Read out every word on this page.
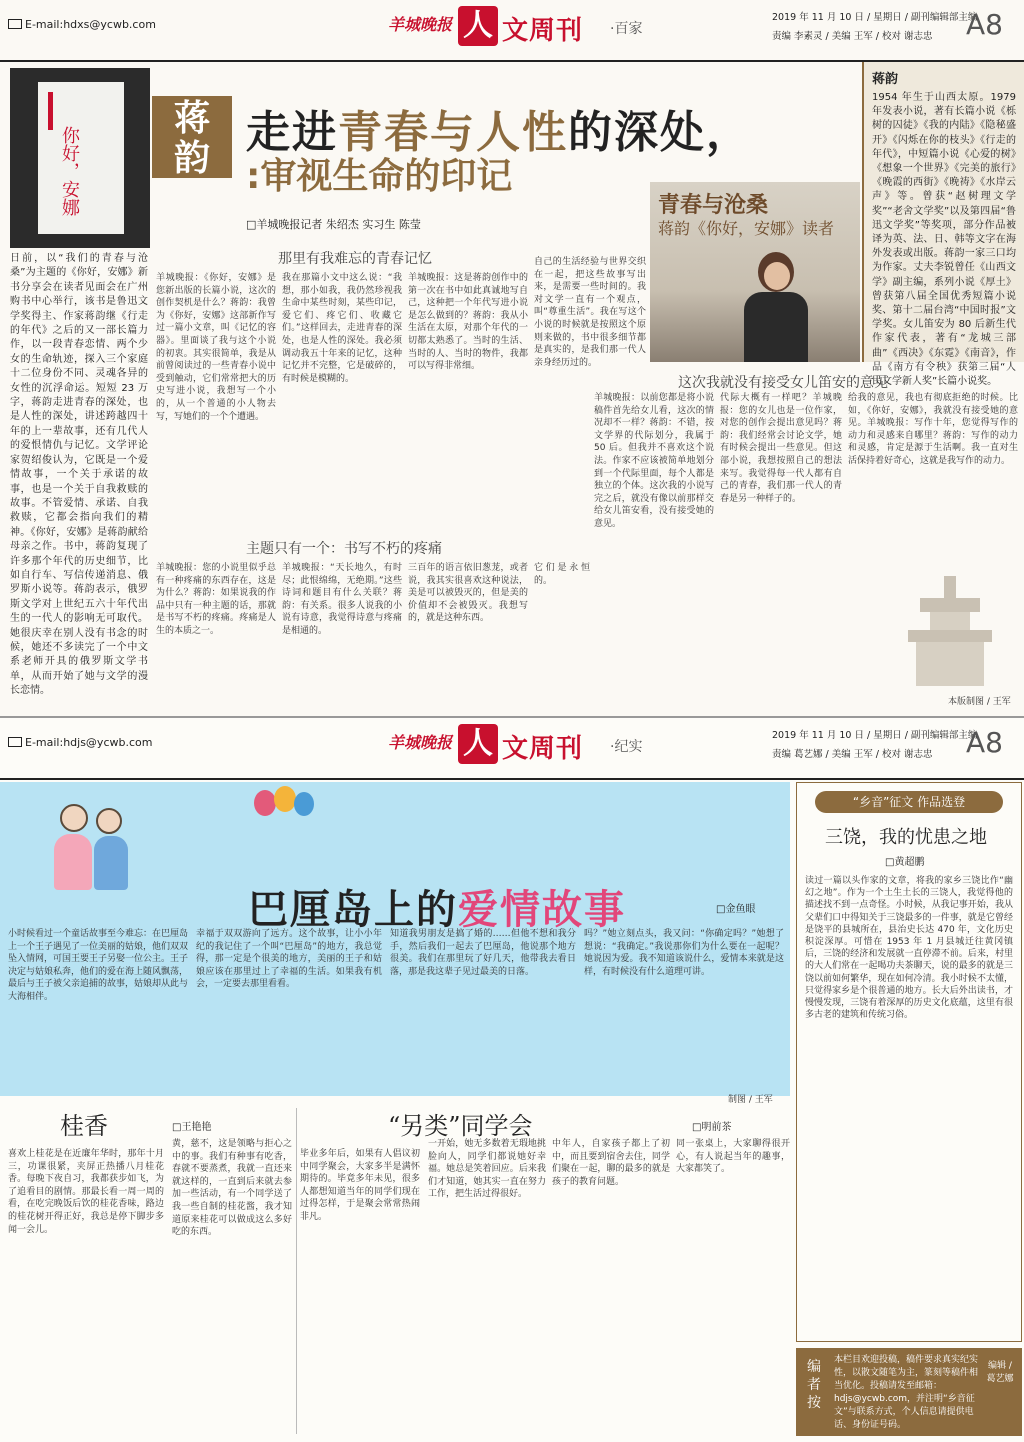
E-mail:hdxs@ycwb.com	羊城晚报 人 文周刊 ·百家
2019 年 11 月 10 日 / 星期日 / 副刊编辑部主编
责编 李素灵 / 美编 王军 / 校对 谢志忠 A8
你好，安娜
蒋
韵 走进青春与人性的深处，
:审视生命的印记
□羊城晚报记者 朱绍杰 实习生 陈莹
青春与沧桑
蒋韵《你好，安娜》读者
蒋韵
1954 年生于山西太原。1979 年发表小说，著有长篇小说《栎树的囚徒》《我的内陆》《隐秘盛开》《闪烁在你的枝头》《行走的年代》，中短篇小说《心爱的树》《想象一个世界》《完美的旅行》《晚霞的西街》《晚祷》《水岸云声》等。曾获“赵树理文学奖”“老舍文学奖”以及第四届“鲁迅文学奖”等奖项，部分作品被译为英、法、日、韩等文字在海外发表或出版。蒋韵一家三口均为作家。丈夫李锐曾任《山西文学》副主编，系列小说《厚土》曾获第八届全国优秀短篇小说奖、第十二届台湾“中国时报”文学奖。女儿笛安为 80 后新生代作家代表，著有“龙城三部曲”《西决》《东霓》《南音》，作品《南方有令秧》获第三届“人民文学新人奖”长篇小说奖。
日前，以“我们的青春与沧桑”为主题的《你好，安娜》新书分享会在读者见面会在广州购书中心举行，该书是鲁迅文学奖得主、作家蒋韵继《行走的年代》之后的又一部长篇力作，以一段青春恋情、两个少女的生命轨迹，探入三个家庭十二位身份不同、灵魂各异的女性的沉浮命运。短短 23 万字，蒋韵走进青春的深处，也是人性的深处，讲述跨越四十年的上一辈故事，还有几代人的爱恨情仇与记忆。文学评论家贺绍俊认为，它既是一个爱情故事，一个关于承诺的故事，也是一个关于自我救赎的故事。不管爱情、承诺、自我救赎，它都会指向我们的精神。《你好，安娜》是蒋韵献给母亲之作。书中，蒋韵复现了许多那个年代的历史细节，比如自行车、写信传递消息、俄罗斯小说等。蒋韵表示，俄罗斯文学对上世纪五六十年代出生的一代人的影响无可取代。她很庆幸在别人没有书念的时候，她还不多读完了一个中文系老师开具的俄罗斯文学书单，从而开始了她与文学的漫长恋情。
那里有我难忘的青春记忆
这次我就没有接受女儿笛安的意见
主题只有一个：书写不朽的疼痛
羊城晚报：《你好，安娜》是您新出版的长篇小说，这次的创作契机是什么？蒋韵：我曾为《你好，安娜》这部新作写过一篇小文章，叫《记忆的容器》。里面谈了我与这个小说的初衷。其实很简单，我是从前曾阅读过的一些青春小说中受到触动，它们常常把大的历史写进小说，我想写一个小的，从一个普通的小人物去写，写她们的一个个遭遇。
我在那篇小文中这么说：“我想，那小如我，我仍然珍视我生命中某些时刻，某些印记，爱它们、疼它们、收藏它们。”这样回去，走进青春的深处，也是人性的深处。我必须调动我五十年来的记忆，这种记忆并不完整，它是破碎的，有时候是模糊的。
羊城晚报：这是蒋韵创作中的第一次在书中如此真诚地写自己，这种把一个年代写进小说是怎么做到的？蒋韵：我从小生活在太原，对那个年代的一切都太熟悉了。当时的生活、当时的人、当时的物件，我都可以写得非常细。
自己的生活经验与世界交织在一起，把这些故事写出来，是需要一些时间的。我对文学一直有一个观点，叫“尊重生活”。我在写这个小说的时候就是按照这个原则来做的，书中很多细节都是真实的，是我们那一代人亲身经历过的。
羊城晚报：以前您都是将小说稿件首先给女儿看，这次的情况却不一样？蒋韵：不错，按文学界的代际划分，我属于 50 后。但我并不喜欢这个说法。作家不应该被简单地划分到一个代际里面，每个人都是独立的个体。这次我的小说写完之后，就没有像以前那样交给女儿笛安看，没有接受她的意见。
代际大概有一样吧？羊城晚报：您的女儿也是一位作家，对您的创作会提出意见吗？蒋韵：我们经常会讨论文学，她有时候会提出一些意见。但这部小说，我想按照自己的想法来写。我觉得每一代人都有自己的青春，我们那一代人的青春是另一种样子的。
给我的意见，我也有彻底拒绝的时候。比如，《你好，安娜》，我就没有接受她的意见。羊城晚报：写作十年，您觉得写作的动力和灵感来自哪里？蒋韵：写作的动力和灵感，肯定是源于生活啊。我一直对生活保持着好奇心，这就是我写作的动力。
羊城晚报：您的小说里似乎总有一种疼痛的东西存在，这是为什么？蒋韵：如果说我的作品中只有一种主题的话，那就是书写不朽的疼痛。疼痛是人生的本质之一。
羊城晚报：“天长地久，有时尽；此恨绵绵，无绝期。”这些诗词和题目有什么关联？蒋韵：有关系。很多人说我的小说有诗意，我觉得诗意与疼痛是相通的。
三百年的语言依旧葱茏，或者说，我其实很喜欢这种说法，美是可以被毁灭的，但是美的价值却不会被毁灭。我想写的，就是这种东西。
它们是永恒的。
本版制图 / 王军
E-mail:hdjs@ycwb.com	羊城晚报 人 文周刊 ·纪实
2019 年 11 月 10 日 / 星期日 / 副刊编辑部主编
责编 葛艺娜 / 美编 王军 / 校对 谢志忠 A8
巴厘岛上的爱情故事	□金鱼眼
小时候看过一个童话故事至今难忘：在巴厘岛上一个王子遇见了一位美丽的姑娘，他们双双坠入情网，可国王要王子另娶一位公主。王子决定与姑娘私奔，他们的爱在海上随风飘荡，最后与王子被父亲追捕的故事，姑娘却从此与大海相伴。
幸福于双双游向了远方。这个故事，让小小年纪的我记住了一个叫“巴厘岛”的地方，我总觉得，那一定是个很美的地方，美丽的王子和姑娘应该在那里过上了幸福的生活。如果我有机会，一定要去那里看看。
知道我男朋友是搞了婚的……但他不想和我分手，然后我们一起去了巴厘岛，他说那个地方很美。我们在那里玩了好几天，他带我去看日落，那是我这辈子见过最美的日落。
吗？”她立刻点头，我又问：“你确定吗？”她想了想说：“我确定。”我说那你们为什么要在一起呢？她说因为爱。我不知道该说什么，爱情本来就是这样，有时候没有什么道理可讲。
制图 / 王军
“乡音”征文 作品选登
三饶，我的忧患之地
□黄超鹏
读过一篇以头作家的文章，将我的家乡三饶比作“幽幻之地”。作为一个土生土长的三饶人，我觉得他的描述找不到一点奇怪。小时候，从我记事开始，我从父辈们口中得知关于三饶最多的一件事，就是它曾经是饶平的县城所在，县治史长达 470 年，文化历史积淀深厚。可惜在 1953 年 1 月县城迁往黄冈镇后，三饶的经济和发展就一直停滞不前。后来，村里的大人们常在一起喝功夫茶聊天，说的最多的就是三饶以前如何繁华，现在如何冷清。我小时候不太懂，只觉得家乡是个很普通的地方。长大后外出读书，才慢慢发现，三饶有着深厚的历史文化底蕴，这里有很多古老的建筑和传统习俗。
编者按
本栏目欢迎投稿，稿件要求真实纪实性，以散文随笔为主，篆刻等稿件相当优化。投稿请发至邮箱：hdjs@ycwb.com，并注明“乡音征文”与联系方式，个人信息请提供电话、身份证号码。
编辑 / 葛艺娜
桂香	□王艳艳	“另类”同学会	□明前茶
喜欢上桂花是在近廉年华时，那年十月三，功课很紧，夹屏正热播八月桂花香。每晚下夜自习，我都获步如飞，为了追看目的剧情。那最长看一周一周的看，在吃完晚饭后饮的桂花香味，路边的桂花树开得正好，我总是停下脚步多闻一会儿。
黄，慈不，这是领略与拒心之中的事。我们有种事有吃香，春就不要蒸煮，我就一直还来就这样的，一直到后来就去参加一些活动，有一个同学送了我一些自制的桂花酱，我才知道原来桂花可以做成这么多好吃的东西。
毕业多年后，如果有人倡议初中同学聚会，大家多半是满怀期待的。毕竟多年未见，很多人都想知道当年的同学们现在过得怎样，于是聚会常常热闹非凡。
一开始，她无多数着无瑕地挑脸向人，同学们都说她好幸福。她总是笑着回应。后来我们才知道，她其实一直在努力工作，把生活过得很好。
中年人，自家孩子都上了初中，而且要到宿舍去住，同学们聚在一起，聊的最多的就是孩子的教育问题。
同一张桌上，大家聊得很开心，有人说起当年的趣事，大家都笑了。
